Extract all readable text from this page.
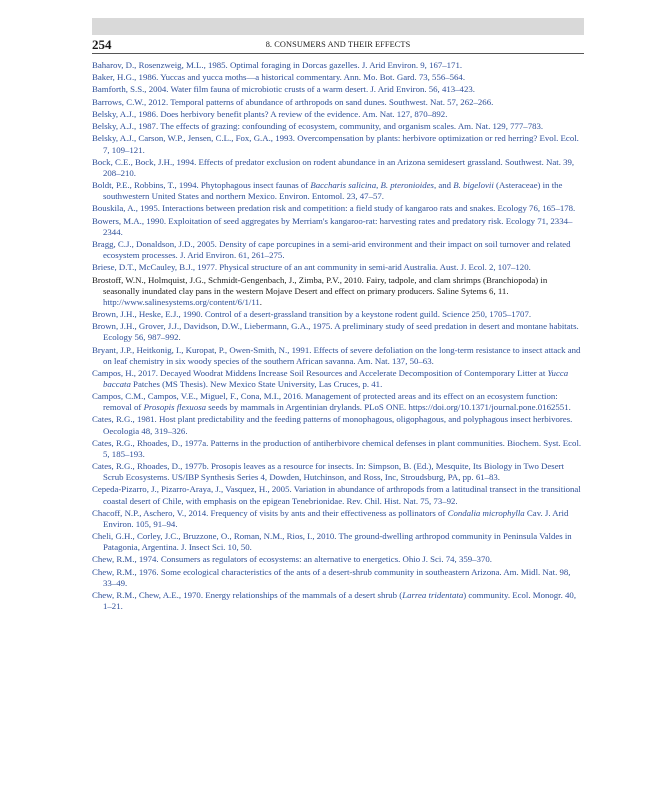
254	8. CONSUMERS AND THEIR EFFECTS

Baharov, D., Rosenzweig, M.L., 1985. Optimal foraging in Dorcas gazelles. J. Arid Environ. 9, 167–171.

Baker, H.G., 1986. Yuccas and yucca moths—a historical commentary. Ann. Mo. Bot. Gard. 73, 556–564.

Bamforth, S.S., 2004. Water film fauna of microbiotic crusts of a warm desert. J. Arid Environ. 56, 413–423.

Barrows, C.W., 2012. Temporal patterns of abundance of arthropods on sand dunes. Southwest. Nat. 57, 262–266.

Belsky, A.J., 1986. Does herbivory benefit plants? A review of the evidence. Am. Nat. 127, 870–892.

Belsky, A.J., 1987. The effects of grazing: confounding of ecosystem, community, and organism scales. Am. Nat. 129, 777–783.

Belsky, A.J., Carson, W.P., Jensen, C.L., Fox, G.A., 1993. Overcompensation by plants: herbivore optimization or red herring? Evol. Ecol. 7, 109–121.

Bock, C.E., Bock, J.H., 1994. Effects of predator exclusion on rodent abundance in an Arizona semidesert grassland. Southwest. Nat. 39, 208–210.

Boldt, P.E., Robbins, T., 1994. Phytophagous insect faunas of Baccharis salicina, B. pteronioides, and B. bigelovii (Asteraceae) in the southwestern United States and northern Mexico. Environ. Entomol. 23, 47–57.

Bouskila, A., 1995. Interactions between predation risk and competition: a field study of kangaroo rats and snakes. Ecology 76, 165–178.

Bowers, M.A., 1990. Exploitation of seed aggregates by Merriam's kangaroo-rat: harvesting rates and predatory risk. Ecology 71, 2334–2344.

Bragg, C.J., Donaldson, J.D., 2005. Density of cape porcupines in a semi-arid environment and their impact on soil turnover and related ecosystem processes. J. Arid Environ. 61, 261–275.

Briese, D.T., McCauley, B.J., 1977. Physical structure of an ant community in semi-arid Australia. Aust. J. Ecol. 2, 107–120.

Brostoff, W.N., Holmquist, J.G., Schmidt-Gengenbach, J., Zimba, P.V., 2010. Fairy, tadpole, and clam shrimps (Branchiopoda) in seasonally inundated clay pans in the western Mojave Desert and effect on primary producers. Saline Sytems 6, 11. http://www.salinesystems.org/content/6/1/11.

Brown, J.H., Heske, E.J., 1990. Control of a desert-grassland transition by a keystone rodent guild. Science 250, 1705–1707.

Brown, J.H., Grover, J.J., Davidson, D.W., Liebermann, G.A., 1975. A preliminary study of seed predation in desert and montane habitats. Ecology 56, 987–992.

Bryant, J.P., Heitkonig, I., Kuropat, P., Owen-Smith, N., 1991. Effects of severe defoliation on the long-term resistance to insect attack and on leaf chemistry in six woody species of the southern African savanna. Am. Nat. 137, 50–63.

Campos, H., 2017. Decayed Woodrat Middens Increase Soil Resources and Accelerate Decomposition of Contemporary Litter at Yucca baccata Patches (MS Thesis). New Mexico State University, Las Cruces, p. 41.

Campos, C.M., Campos, V.E., Miguel, F., Cona, M.I., 2016. Management of protected areas and its effect on an ecosystem function: removal of Prosopis flexuosa seeds by mammals in Argentinian drylands. PLoS ONE. https://doi.org/10.1371/journal.pone.0162551.

Cates, R.G., 1981. Host plant predictability and the feeding patterns of monophagous, oligophagous, and polyphagous insect herbivores. Oecologia 48, 319–326.

Cates, R.G., Rhoades, D., 1977a. Patterns in the production of antiherbivore chemical defenses in plant communities. Biochem. Syst. Ecol. 5, 185–193.

Cates, R.G., Rhoades, D., 1977b. Prosopis leaves as a resource for insects. In: Simpson, B. (Ed.), Mesquite, Its Biology in Two Desert Scrub Ecosystems. US/IBP Synthesis Series 4, Dowden, Hutchinson, and Ross, Inc, Stroudsburg, PA, pp. 61–83.

Cepeda-Pizarro, J., Pizarro-Araya, J., Vasquez, H., 2005. Variation in abundance of arthropods from a latitudinal transect in the transitional coastal desert of Chile, with emphasis on the epigean Tenebrionidae. Rev. Chil. Hist. Nat. 75, 73–92.

Chacoff, N.P., Aschero, V., 2014. Frequency of visits by ants and their effectiveness as pollinators of Condalia microphylla Cav. J. Arid Environ. 105, 91–94.

Cheli, G.H., Corley, J.C., Bruzzone, O., Roman, N.M., Rios, I., 2010. The ground-dwelling arthropod community in Peninsula Valdes in Patagonia, Argentina. J. Insect Sci. 10, 50.

Chew, R.M., 1974. Consumers as regulators of ecosystems: an alternative to energetics. Ohio J. Sci. 74, 359–370.

Chew, R.M., 1976. Some ecological characteristics of the ants of a desert-shrub community in southeastern Arizona. Am. Midl. Nat. 98, 33–49.

Chew, R.M., Chew, A.E., 1970. Energy relationships of the mammals of a desert shrub (Larrea tridentata) community. Ecol. Monogr. 40, 1–21.
